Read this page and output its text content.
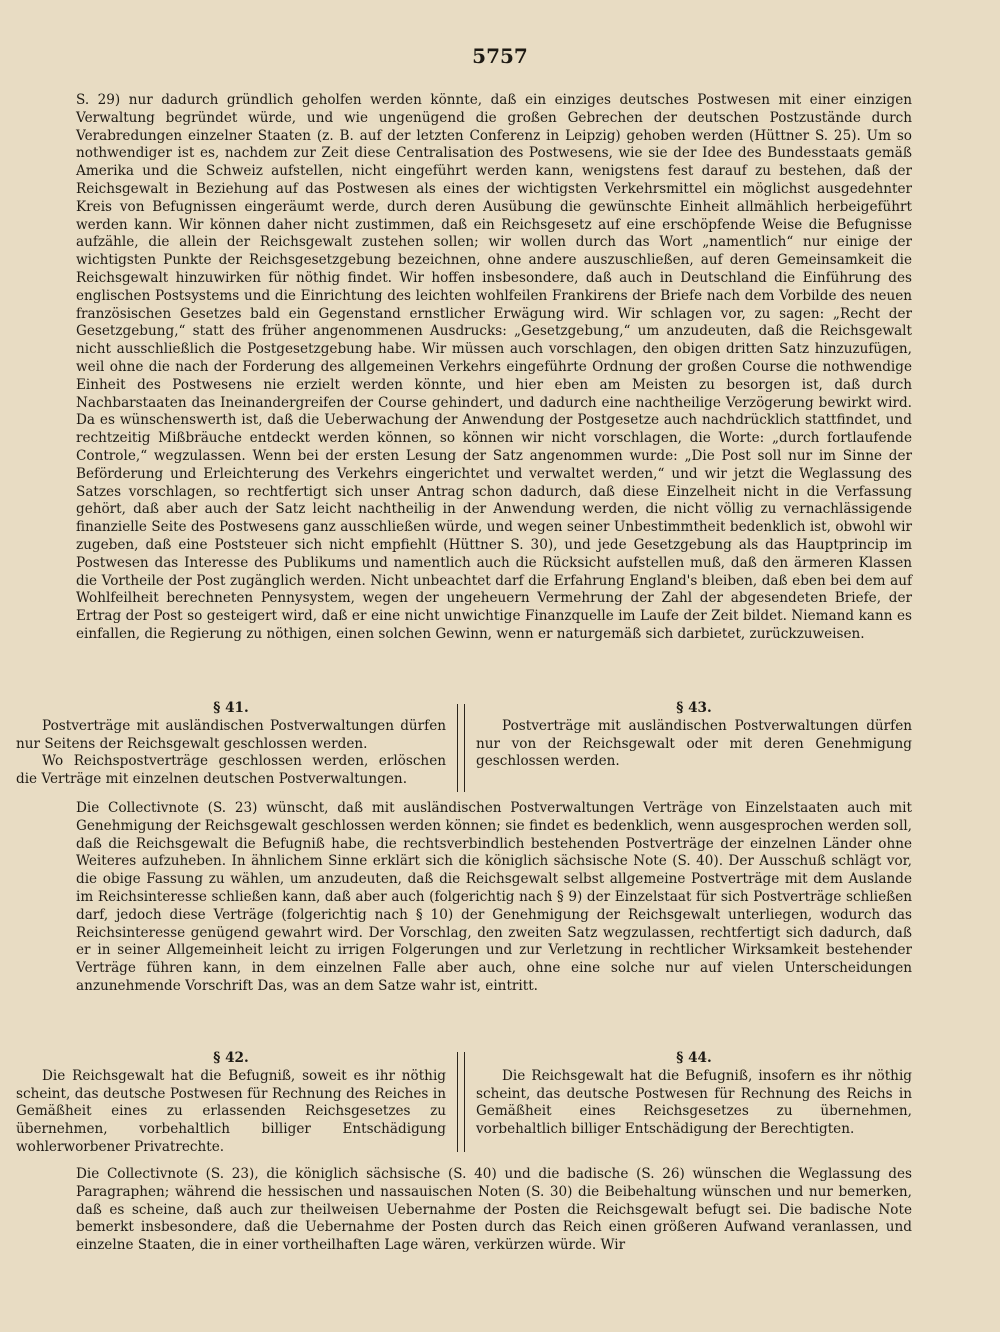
5757

S. 29) nur dadurch gründlich geholfen werden könnte, daß ein einziges deutsches Postwesen mit einer einzigen Verwaltung begründet würde, und wie ungenügend die großen Gebrechen der deutschen Postzustände durch Verabredungen einzelner Staaten (z. B. auf der letzten Conferenz in Leipzig) gehoben werden (Hüttner S. 25). Um so nothwendiger ist es, nachdem zur Zeit diese Centralisation des Postwesens, wie sie der Idee des Bundesstaats gemäß Amerika und die Schweiz aufstellen, nicht eingeführt werden kann, wenigstens fest darauf zu bestehen, daß der Reichsgewalt in Beziehung auf das Postwesen als eines der wichtigsten Verkehrsmittel ein möglichst ausgedehnter Kreis von Befugnissen eingeräumt werde, durch deren Ausübung die gewünschte Einheit allmählich herbeigeführt werden kann. Wir können daher nicht zustimmen, daß ein Reichsgesetz auf eine erschöpfende Weise die Befugnisse aufzähle, die allein der Reichsgewalt zustehen sollen; wir wollen durch das Wort „namentlich“ nur einige der wichtigsten Punkte der Reichsgesetzgebung bezeichnen, ohne andere auszuschließen, auf deren Gemeinsamkeit die Reichsgewalt hinzuwirken für nöthig findet. Wir hoffen insbesondere, daß auch in Deutschland die Einführung des englischen Postsystems und die Einrichtung des leichten wohlfeilen Frankirens der Briefe nach dem Vorbilde des neuen französischen Gesetzes bald ein Gegenstand ernstlicher Erwägung wird. Wir schlagen vor, zu sagen: „Recht der Gesetzgebung,“ statt des früher angenommenen Ausdrucks: „Gesetzgebung,“ um anzudeuten, daß die Reichsgewalt nicht ausschließlich die Postgesetzgebung habe. Wir müssen auch vorschlagen, den obigen dritten Satz hinzuzufügen, weil ohne die nach der Forderung des allgemeinen Verkehrs eingeführte Ordnung der großen Course die nothwendige Einheit des Postwesens nie erzielt werden könnte, und hier eben am Meisten zu besorgen ist, daß durch Nachbarstaaten das Ineinandergreifen der Course gehindert, und dadurch eine nachtheilige Verzögerung bewirkt wird. Da es wünschenswerth ist, daß die Ueberwachung der Anwendung der Postgesetze auch nachdrücklich stattfindet, und rechtzeitig Mißbräuche entdeckt werden können, so können wir nicht vorschlagen, die Worte: „durch fortlaufende Controle,“ wegzulassen. Wenn bei der ersten Lesung der Satz angenommen wurde: „Die Post soll nur im Sinne der Beförderung und Erleichterung des Verkehrs eingerichtet und verwaltet werden,“ und wir jetzt die Weglassung des Satzes vorschlagen, so rechtfertigt sich unser Antrag schon dadurch, daß diese Einzelheit nicht in die Verfassung gehört, daß aber auch der Satz leicht nachtheilig in der Anwendung werden, die nicht völlig zu vernachlässigende finanzielle Seite des Postwesens ganz ausschließen würde, und wegen seiner Unbestimmtheit bedenklich ist, obwohl wir zugeben, daß eine Poststeuer sich nicht empfiehlt (Hüttner S. 30), und jede Gesetzgebung als das Hauptprincip im Postwesen das Interesse des Publikums und namentlich auch die Rücksicht aufstellen muß, daß den ärmeren Klassen die Vortheile der Post zugänglich werden. Nicht unbeachtet darf die Erfahrung England's bleiben, daß eben bei dem auf Wohlfeilheit berechneten Pennysystem, wegen der ungeheuern Vermehrung der Zahl der abgesendeten Briefe, der Ertrag der Post so gesteigert wird, daß er eine nicht unwichtige Finanzquelle im Laufe der Zeit bildet. Niemand kann es einfallen, die Regierung zu nöthigen, einen solchen Gewinn, wenn er naturgemäß sich darbietet, zurückzuweisen.

§ 41.

Postverträge mit ausländischen Postverwaltungen dürfen nur Seitens der Reichsgewalt geschlossen werden.

Wo Reichspostverträge geschlossen werden, erlöschen die Verträge mit einzelnen deutschen Postverwaltungen.

§ 43.

Postverträge mit ausländischen Postverwaltungen dürfen nur von der Reichsgewalt oder mit deren Genehmigung geschlossen werden.

Die Collectivnote (S. 23) wünscht, daß mit ausländischen Postverwaltungen Verträge von Einzelstaaten auch mit Genehmigung der Reichsgewalt geschlossen werden können; sie findet es bedenklich, wenn ausgesprochen werden soll, daß die Reichsgewalt die Befugniß habe, die rechtsverbindlich bestehenden Postverträge der einzelnen Länder ohne Weiteres aufzuheben. In ähnlichem Sinne erklärt sich die königlich sächsische Note (S. 40). Der Ausschuß schlägt vor, die obige Fassung zu wählen, um anzudeuten, daß die Reichsgewalt selbst allgemeine Postverträge mit dem Auslande im Reichsinteresse schließen kann, daß aber auch (folgerichtig nach § 9) der Einzelstaat für sich Postverträge schließen darf, jedoch diese Verträge (folgerichtig nach § 10) der Genehmigung der Reichsgewalt unterliegen, wodurch das Reichsinteresse genügend gewahrt wird. Der Vorschlag, den zweiten Satz wegzulassen, rechtfertigt sich dadurch, daß er in seiner Allgemeinheit leicht zu irrigen Folgerungen und zur Verletzung in rechtlicher Wirksamkeit bestehender Verträge führen kann, in dem einzelnen Falle aber auch, ohne eine solche nur auf vielen Unterscheidungen anzunehmende Vorschrift Das, was an dem Satze wahr ist, eintritt.

§ 42.

Die Reichsgewalt hat die Befugniß, soweit es ihr nöthig scheint, das deutsche Postwesen für Rechnung des Reiches in Gemäßheit eines zu erlassenden Reichsgesetzes zu übernehmen, vorbehaltlich billiger Entschädigung wohlerworbener Privatrechte.

§ 44.

Die Reichsgewalt hat die Befugniß, insofern es ihr nöthig scheint, das deutsche Postwesen für Rechnung des Reichs in Gemäßheit eines Reichsgesetzes zu übernehmen, vorbehaltlich billiger Entschädigung der Berechtigten.

Die Collectivnote (S. 23), die königlich sächsische (S. 40) und die badische (S. 26) wünschen die Weglassung des Paragraphen; während die hessischen und nassauischen Noten (S. 30) die Beibehaltung wünschen und nur bemerken, daß es scheine, daß auch zur theilweisen Uebernahme der Posten die Reichsgewalt befugt sei. Die badische Note bemerkt insbesondere, daß die Uebernahme der Posten durch das Reich einen größeren Aufwand veranlassen, und einzelne Staaten, die in einer vortheilhaften Lage wären, verkürzen würde. Wir
